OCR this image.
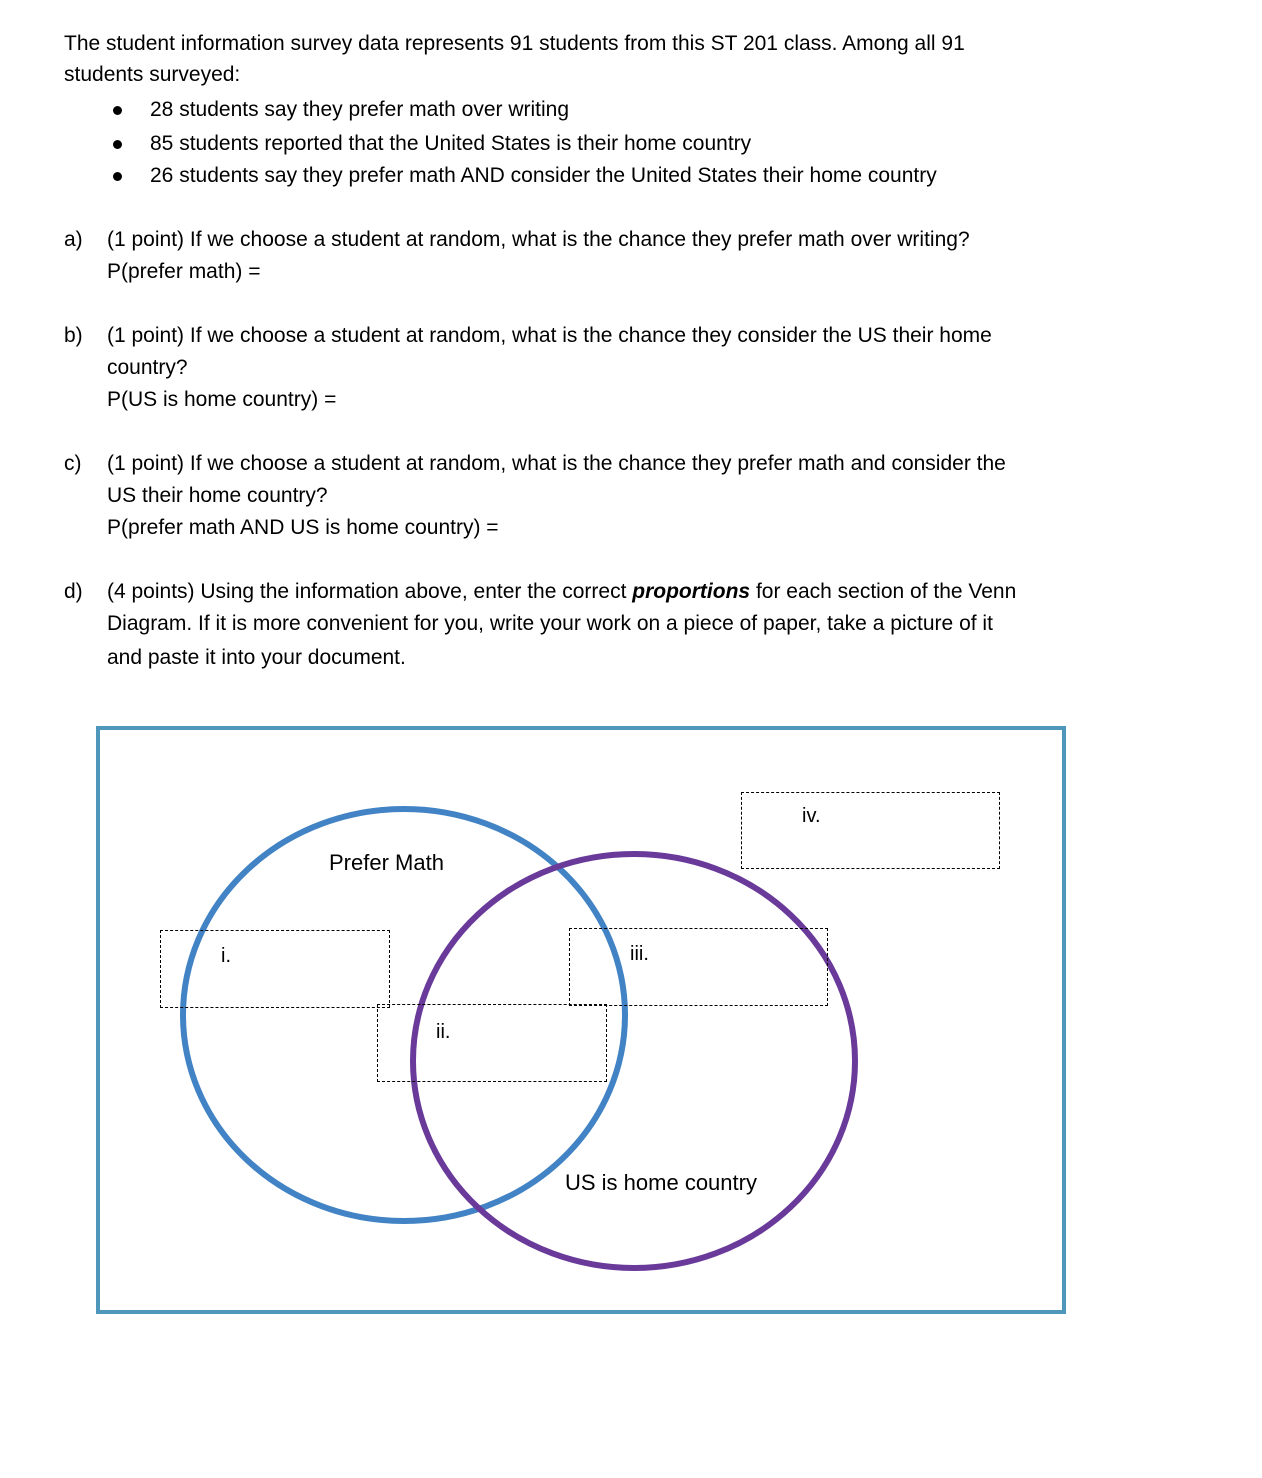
The student information survey data represents 91 students from this ST 201 class. Among all 91
students surveyed:
28 students say they prefer math over writing
85 students reported that the United States is their home country
26 students say they prefer math AND consider the United States their home country
a) (1 point) If we choose a student at random, what is the chance they prefer math over writing?
P(prefer math) =
b) (1 point) If we choose a student at random, what is the chance they consider the US their home
country?
P(US is home country) =
c) (1 point) If we choose a student at random, what is the chance they prefer math and consider the
US their home country?
P(prefer math AND US is home country) =
d) (4 points) Using the information above, enter the correct proportions for each section of the Venn
Diagram. If it is more convenient for you, write your work on a piece of paper, take a picture of it
and paste it into your document.
Prefer Math
US is home country
i.
ii.
iii.
iv.
